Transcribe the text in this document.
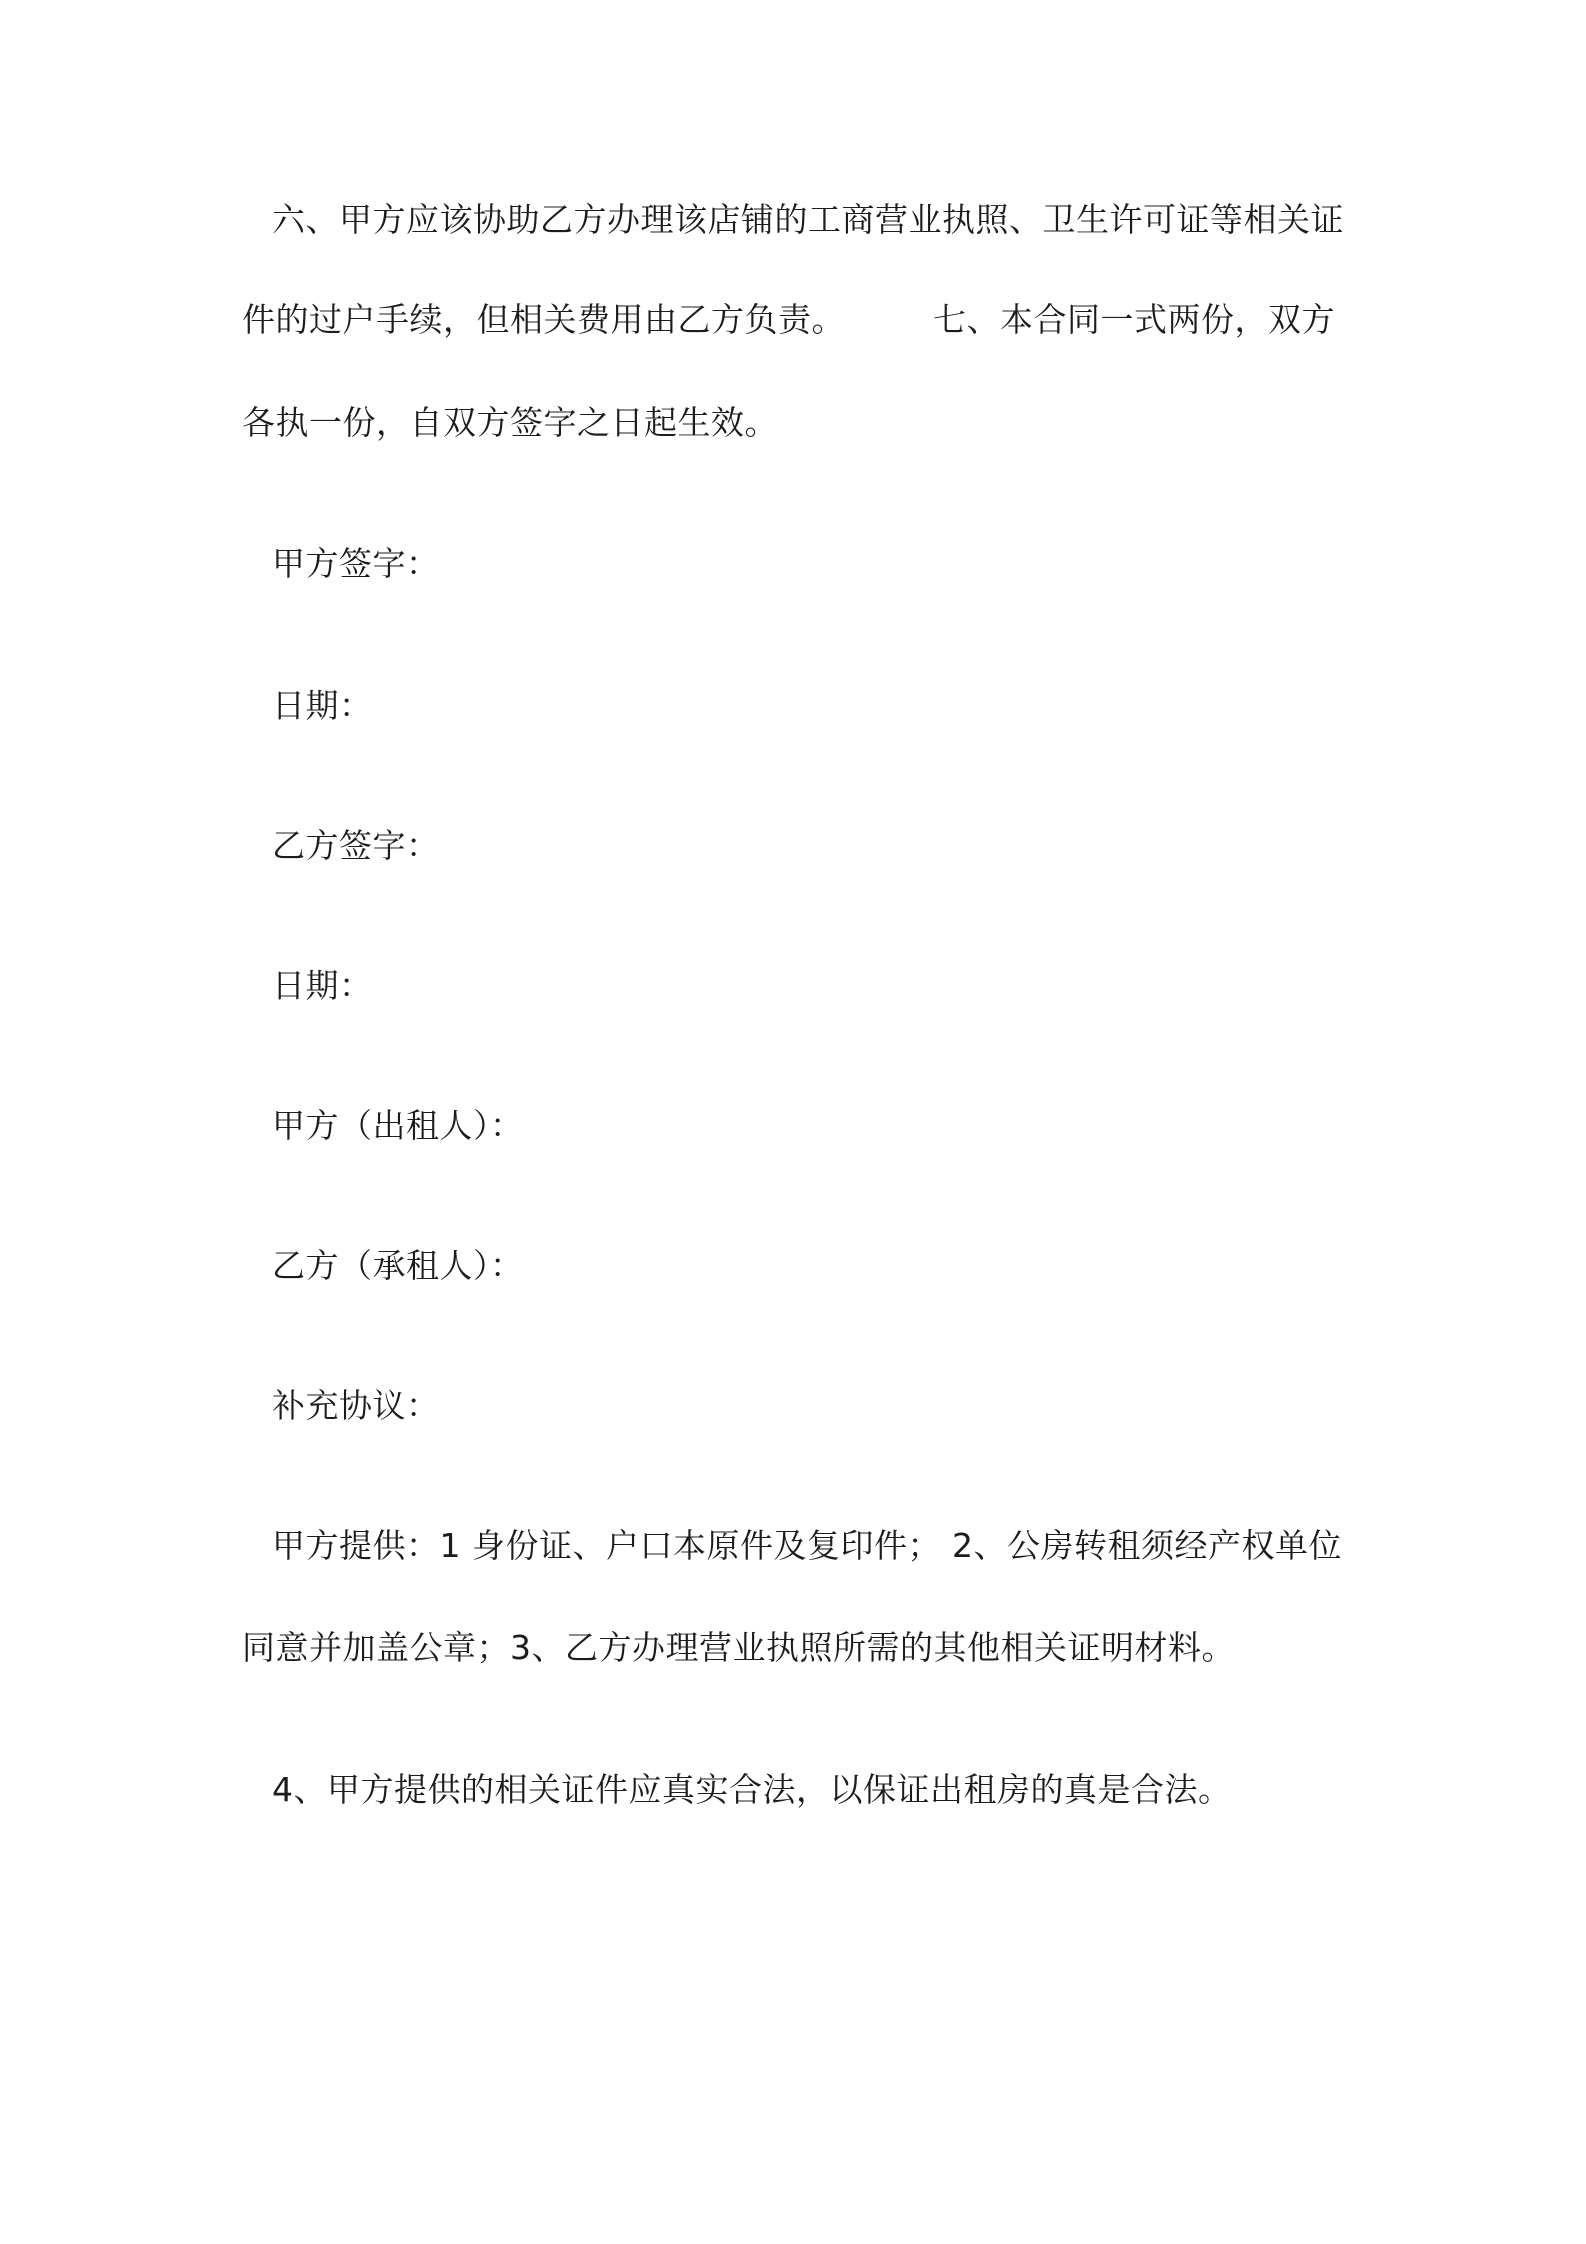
六、甲方应该协助乙方办理该店铺的工商营业执照、卫生许可证等相关证
件的过户手续，但相关费用由乙方负责。	七、本合同一式两份，双方
各执一份，自双方签字之日起生效。
甲方签字：
日期：
乙方签字：
日期：
甲方（出租人）：
乙方（承租人）：
补充协议：
甲方提供：1 身份证、户口本原件及复印件； 2、公房转租须经产权单位
同意并加盖公章；3、乙方办理营业执照所需的其他相关证明材料。
4、甲方提供的相关证件应真实合法，以保证出租房的真是合法。
